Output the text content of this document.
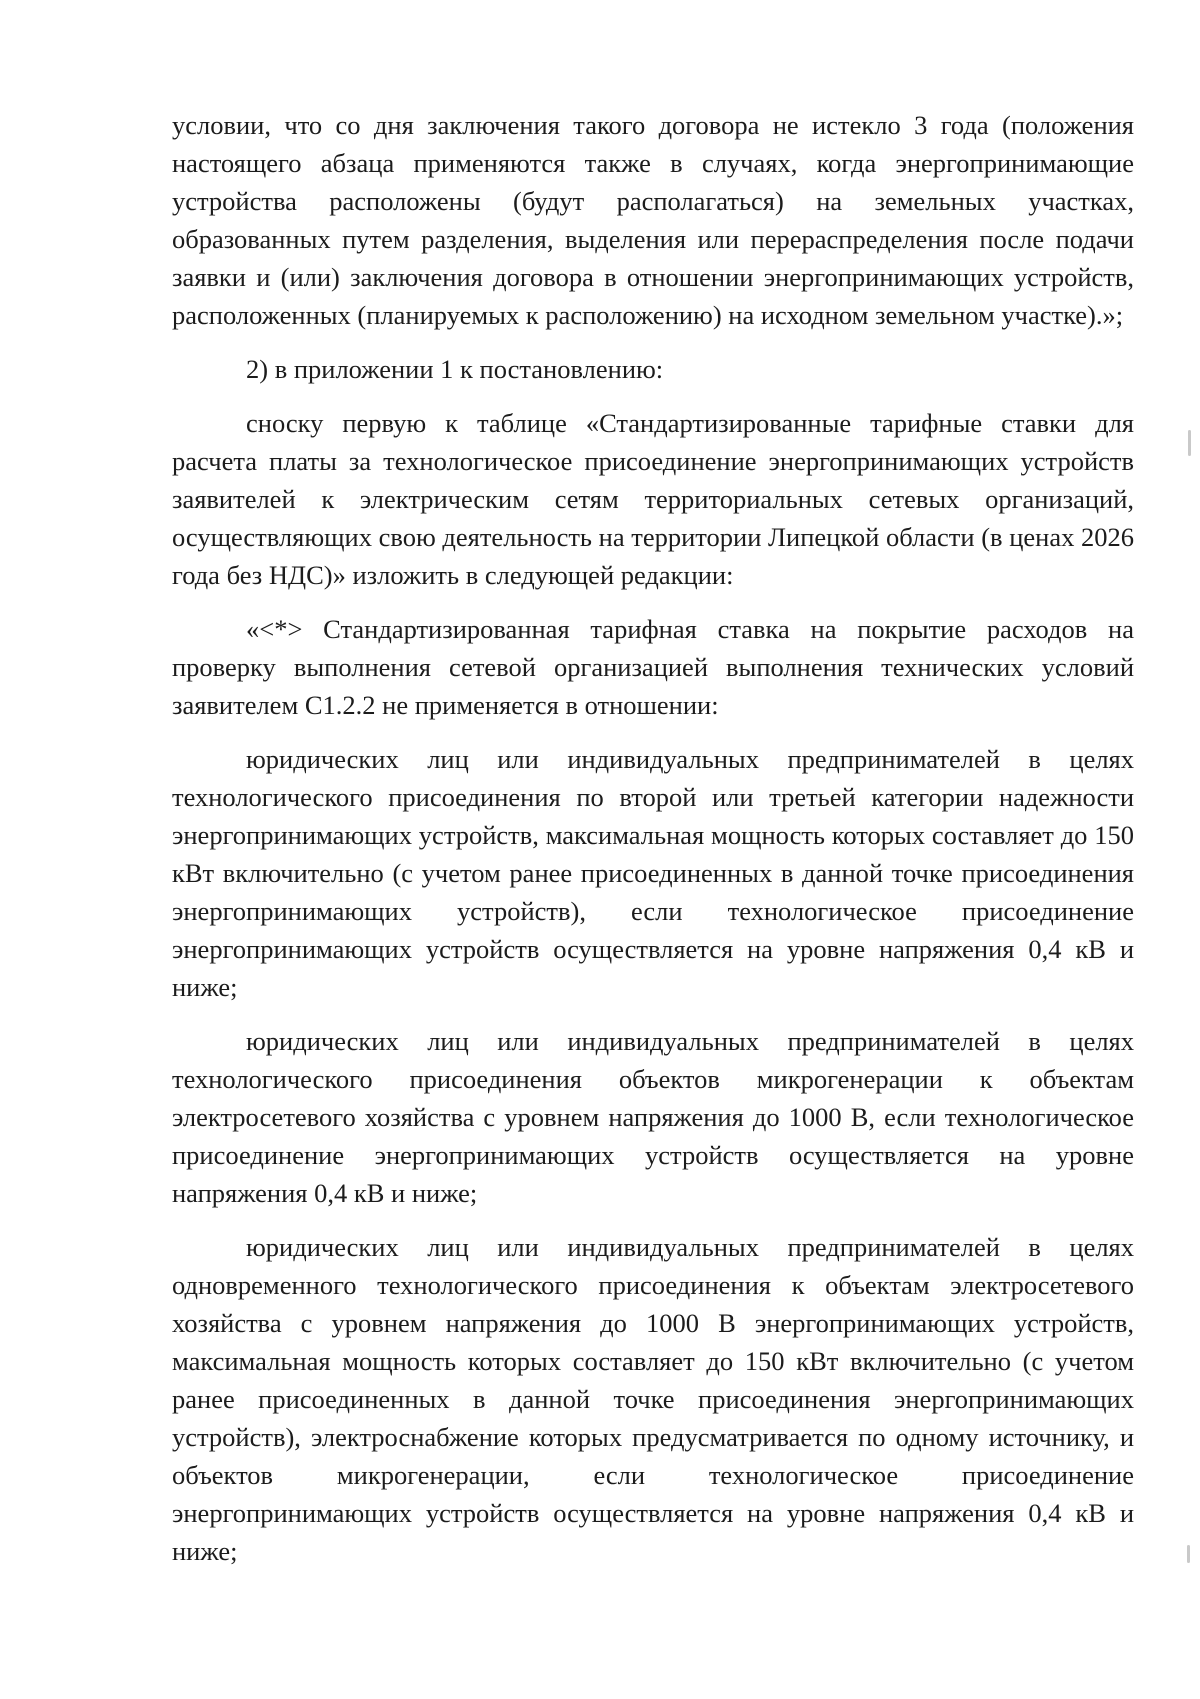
условии, что со дня заключения такого договора не истекло 3 года (положения настоящего абзаца применяются также в случаях, когда энергопринимающие устройства расположены (будут располагаться) на земельных участках, образованных путем разделения, выделения или перераспределения после подачи заявки и (или) заключения договора в отношении энергопринимающих устройств, расположенных (планируемых к расположению) на исходном земельном участке).»;

2) в приложении 1 к постановлению:

сноску первую к таблице «Стандартизированные тарифные ставки для расчета платы за технологическое присоединение энергопринимающих устройств заявителей к электрическим сетям территориальных сетевых организаций, осуществляющих свою деятельность на территории Липецкой области (в ценах 2026 года без НДС)» изложить в следующей редакции:

«<*> Стандартизированная тарифная ставка на покрытие расходов на проверку выполнения сетевой организацией выполнения технических условий заявителем С1.2.2 не применяется в отношении:

юридических лиц или индивидуальных предпринимателей в целях технологического присоединения по второй или третьей категории надежности энергопринимающих устройств, максимальная мощность которых составляет до 150 кВт включительно (с учетом ранее присоединенных в данной точке присоединения энергопринимающих устройств), если технологическое присоединение энергопринимающих устройств осуществляется на уровне напряжения 0,4 кВ и ниже;

юридических лиц или индивидуальных предпринимателей в целях технологического присоединения объектов микрогенерации к объектам электросетевого хозяйства с уровнем напряжения до 1000 В, если технологическое присоединение энергопринимающих устройств осуществляется на уровне напряжения 0,4 кВ и ниже;

юридических лиц или индивидуальных предпринимателей в целях одновременного технологического присоединения к объектам электросетевого хозяйства с уровнем напряжения до 1000 В энергопринимающих устройств, максимальная мощность которых составляет до 150 кВт включительно (с учетом ранее присоединенных в данной точке присоединения энергопринимающих устройств), электроснабжение которых предусматривается по одному источнику, и объектов микрогенерации, если технологическое присоединение энергопринимающих устройств осуществляется на уровне напряжения 0,4 кВ и ниже;
